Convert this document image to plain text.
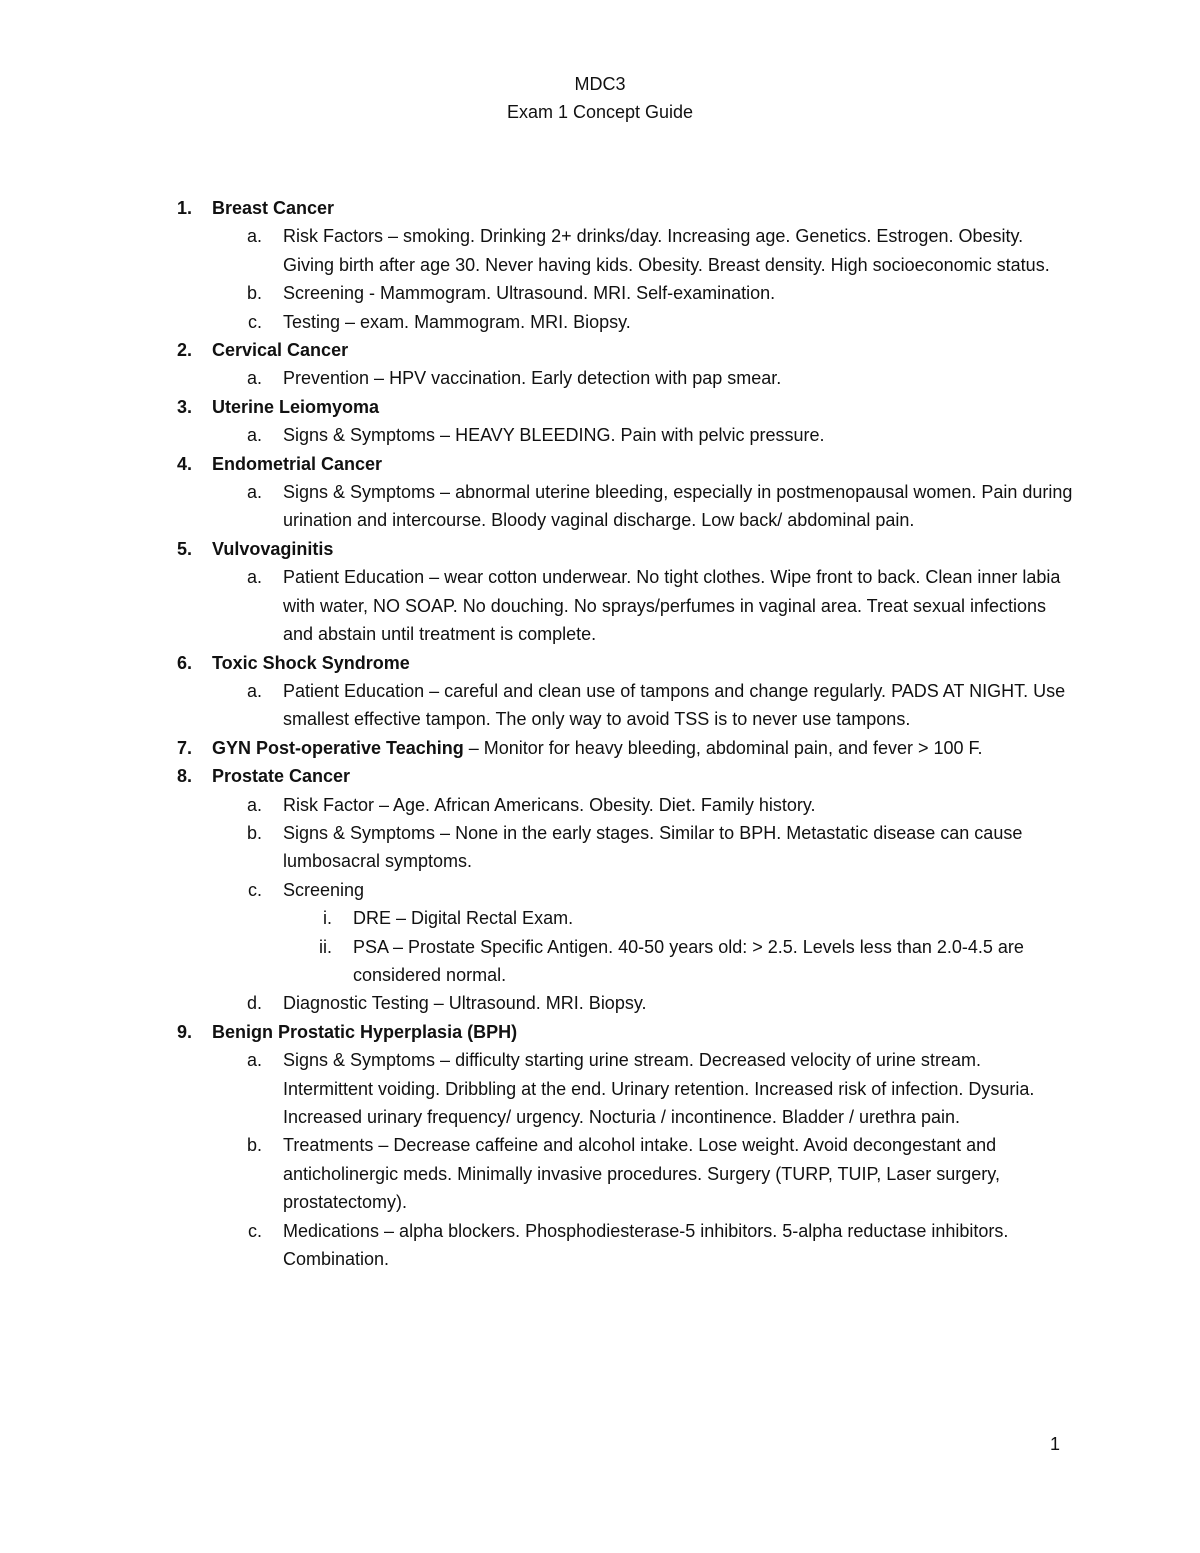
MDC3
Exam 1 Concept Guide
1. Breast Cancer
a. Risk Factors – smoking. Drinking 2+ drinks/day. Increasing age. Genetics. Estrogen. Obesity. Giving birth after age 30. Never having kids. Obesity. Breast density. High socioeconomic status.
b. Screening - Mammogram. Ultrasound. MRI. Self-examination.
c. Testing – exam. Mammogram. MRI. Biopsy.
2. Cervical Cancer
a. Prevention – HPV vaccination. Early detection with pap smear.
3. Uterine Leiomyoma
a. Signs & Symptoms – HEAVY BLEEDING. Pain with pelvic pressure.
4. Endometrial Cancer
a. Signs & Symptoms – abnormal uterine bleeding, especially in postmenopausal women. Pain during urination and intercourse. Bloody vaginal discharge. Low back/ abdominal pain.
5. Vulvovaginitis
a. Patient Education – wear cotton underwear. No tight clothes. Wipe front to back. Clean inner labia with water, NO SOAP. No douching. No sprays/perfumes in vaginal area. Treat sexual infections and abstain until treatment is complete.
6. Toxic Shock Syndrome
a. Patient Education – careful and clean use of tampons and change regularly. PADS AT NIGHT. Use smallest effective tampon. The only way to avoid TSS is to never use tampons.
7. GYN Post-operative Teaching – Monitor for heavy bleeding, abdominal pain, and fever > 100 F.
8. Prostate Cancer
a. Risk Factor – Age. African Americans. Obesity. Diet. Family history.
b. Signs & Symptoms – None in the early stages. Similar to BPH. Metastatic disease can cause lumbosacral symptoms.
c. Screening
i. DRE – Digital Rectal Exam.
ii. PSA – Prostate Specific Antigen. 40-50 years old: > 2.5. Levels less than 2.0-4.5 are considered normal.
d. Diagnostic Testing – Ultrasound. MRI. Biopsy.
9. Benign Prostatic Hyperplasia (BPH)
a. Signs & Symptoms – difficulty starting urine stream. Decreased velocity of urine stream. Intermittent voiding. Dribbling at the end. Urinary retention. Increased risk of infection. Dysuria. Increased urinary frequency/ urgency. Nocturia / incontinence. Bladder / urethra pain.
b. Treatments – Decrease caffeine and alcohol intake. Lose weight. Avoid decongestant and anticholinergic meds. Minimally invasive procedures. Surgery (TURP, TUIP, Laser surgery, prostatectomy).
c. Medications – alpha blockers. Phosphodiesterase-5 inhibitors. 5-alpha reductase inhibitors. Combination.
1
